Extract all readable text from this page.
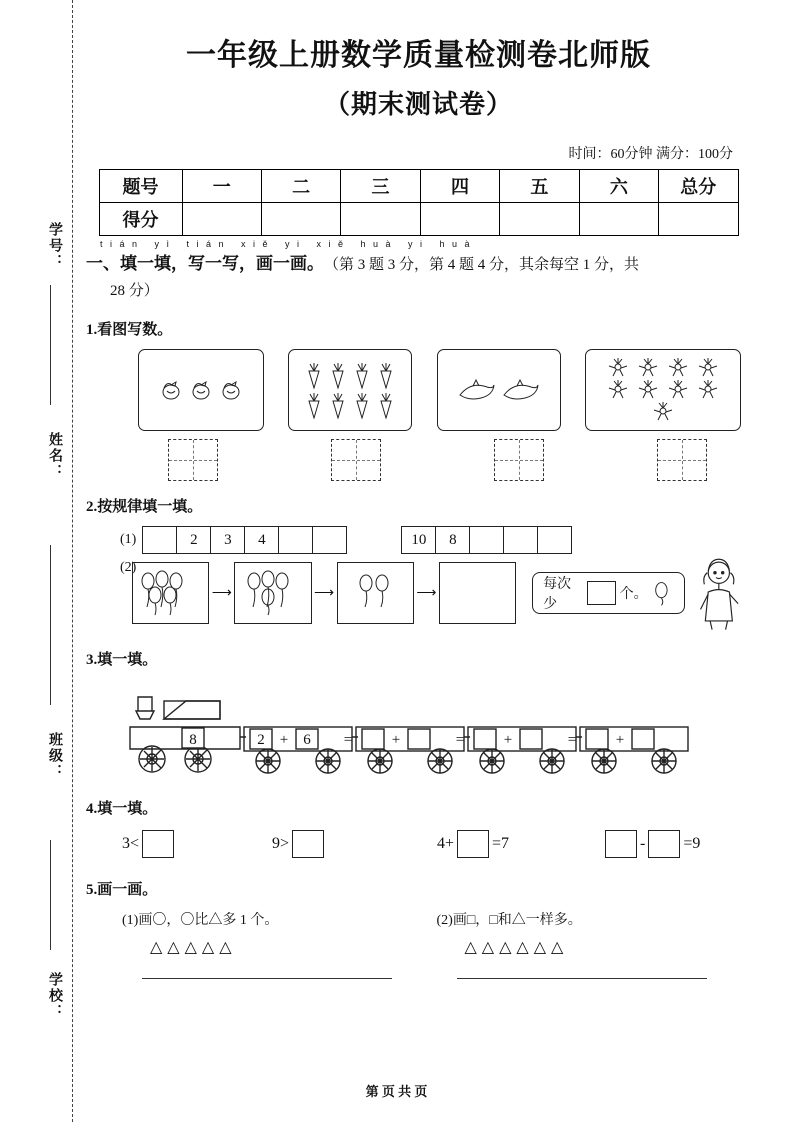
学号：
姓名：
班级：
学校：
一年级上册数学质量检测卷北师版
（期末测试卷）
时间：60分钟 满分：100分
题号	一	二	三	四	五	六	总分
得分							
tián yì tián xiě yi xiě huà yi huà
一、填一填，写一写，画一画。（第 3 题 3 分，第 4 题 4 分，其余每空 1 分，共
28 分）
1.看图写数。
2.按规律填一填。
(1)	2	3	4	10	8
(2)
⟶	⟶	⟶
每次少
个。
3.填一填。
8	2 + 6 =	+	=	+	=	+
4.填一填。
3 <	9 >	4 + =7	- =9
5.画一画。
(1)画〇，〇比△多 1 个。
△△△△△
(2)画□，□和△一样多。
△△△△△△
第 页 共 页
